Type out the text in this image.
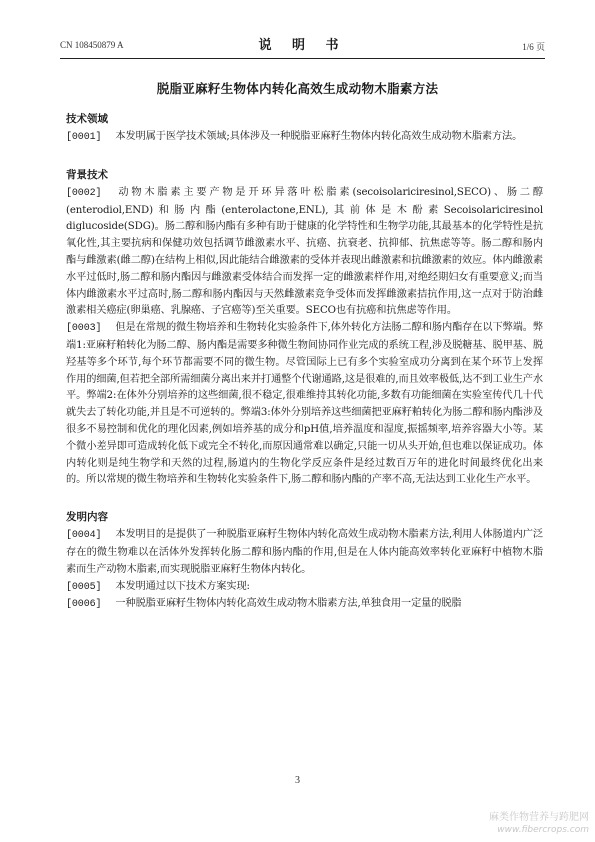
CN 108450879 A	说 明 书	1/6 页
脱脂亚麻籽生物体内转化高效生成动物木脂素方法
技术领域

[0001] 本发明属于医学技术领域;具体涉及一种脱脂亚麻籽生物体内转化高效生成动物木脂素方法。

背景技术

[0002] 动物木脂素主要产物是开环异落叶松脂素(secoisolariciresinol,SECO)、肠二醇(enterodiol,END)和肠内酯(enterolactone,ENL),其前体是木酚素Secoisolariciresinol diglucoside(SDG)。肠二醇和肠内酯有多种有助于健康的化学特性和生物学功能,其最基本的化学特性是抗氧化性,其主要抗病和保健功效包括调节雌激素水平、抗癌、抗衰老、抗抑郁、抗焦虑等等。肠二醇和肠内酯与雌激素(雌二醇)在结构上相似,因此能结合雌激素的受体并表现出雌激素和抗雌激素的效应。体内雌激素水平过低时,肠二醇和肠内酯因与雌激素受体结合而发挥一定的雌激素样作用,对绝经期妇女有重要意义;而当体内雌激素水平过高时,肠二醇和肠内酯因与天然雌激素竞争受体而发挥雌激素拮抗作用,这一点对于防治雌激素相关癌症(卵巢癌、乳腺癌、子宫癌等)至关重要。SECO也有抗癌和抗焦虑等作用。

[0003] 但是在常规的微生物培养和生物转化实验条件下,体外转化方法肠二醇和肠内酯存在以下弊端。弊端1:亚麻籽粕转化为肠二醇、肠内酯是需要多种微生物间协同作业完成的系统工程,涉及脱糖基、脱甲基、脱羟基等多个环节,每个环节都需要不同的微生物。尽管国际上已有多个实验室成功分离到在某个环节上发挥作用的细菌,但若把全部所需细菌分离出来并打通整个代谢通路,这是很难的,而且效率极低,达不到工业生产水平。弊端2:在体外分别培养的这些细菌,很不稳定,很难维持其转化功能,多数有功能细菌在实验室传代几十代就失去了转化功能,并且是不可逆转的。弊端3:体外分别培养这些细菌把亚麻籽粕转化为肠二醇和肠内酯涉及很多不易控制和优化的理化因素,例如培养基的成分和pH值,培养温度和湿度,振摇频率,培养容器大小等。某个微小差异即可造成转化低下或完全不转化,而原因通常难以确定,只能一切从头开始,但也难以保证成功。体内转化则是纯生物学和天然的过程,肠道内的生物化学反应条件是经过数百万年的进化时间最终优化出来的。所以常规的微生物培养和生物转化实验条件下,肠二醇和肠内酯的产率不高,无法达到工业化生产水平。

发明内容

[0004] 本发明目的是提供了一种脱脂亚麻籽生物体内转化高效生成动物木脂素方法,利用人体肠道内广泛存在的微生物难以在活体外发挥转化肠二醇和肠内酯的作用,但是在人体内能高效率转化亚麻籽中植物木脂素而生产动物木脂素,而实现脱脂亚麻籽生物体内转化。

[0005] 本发明通过以下技术方案实现:

[0006] 一种脱脂亚麻籽生物体内转化高效生成动物木脂素方法,单独食用一定量的脱脂

3
麻类作物营养与跨肥网
www.fibercrops.com
